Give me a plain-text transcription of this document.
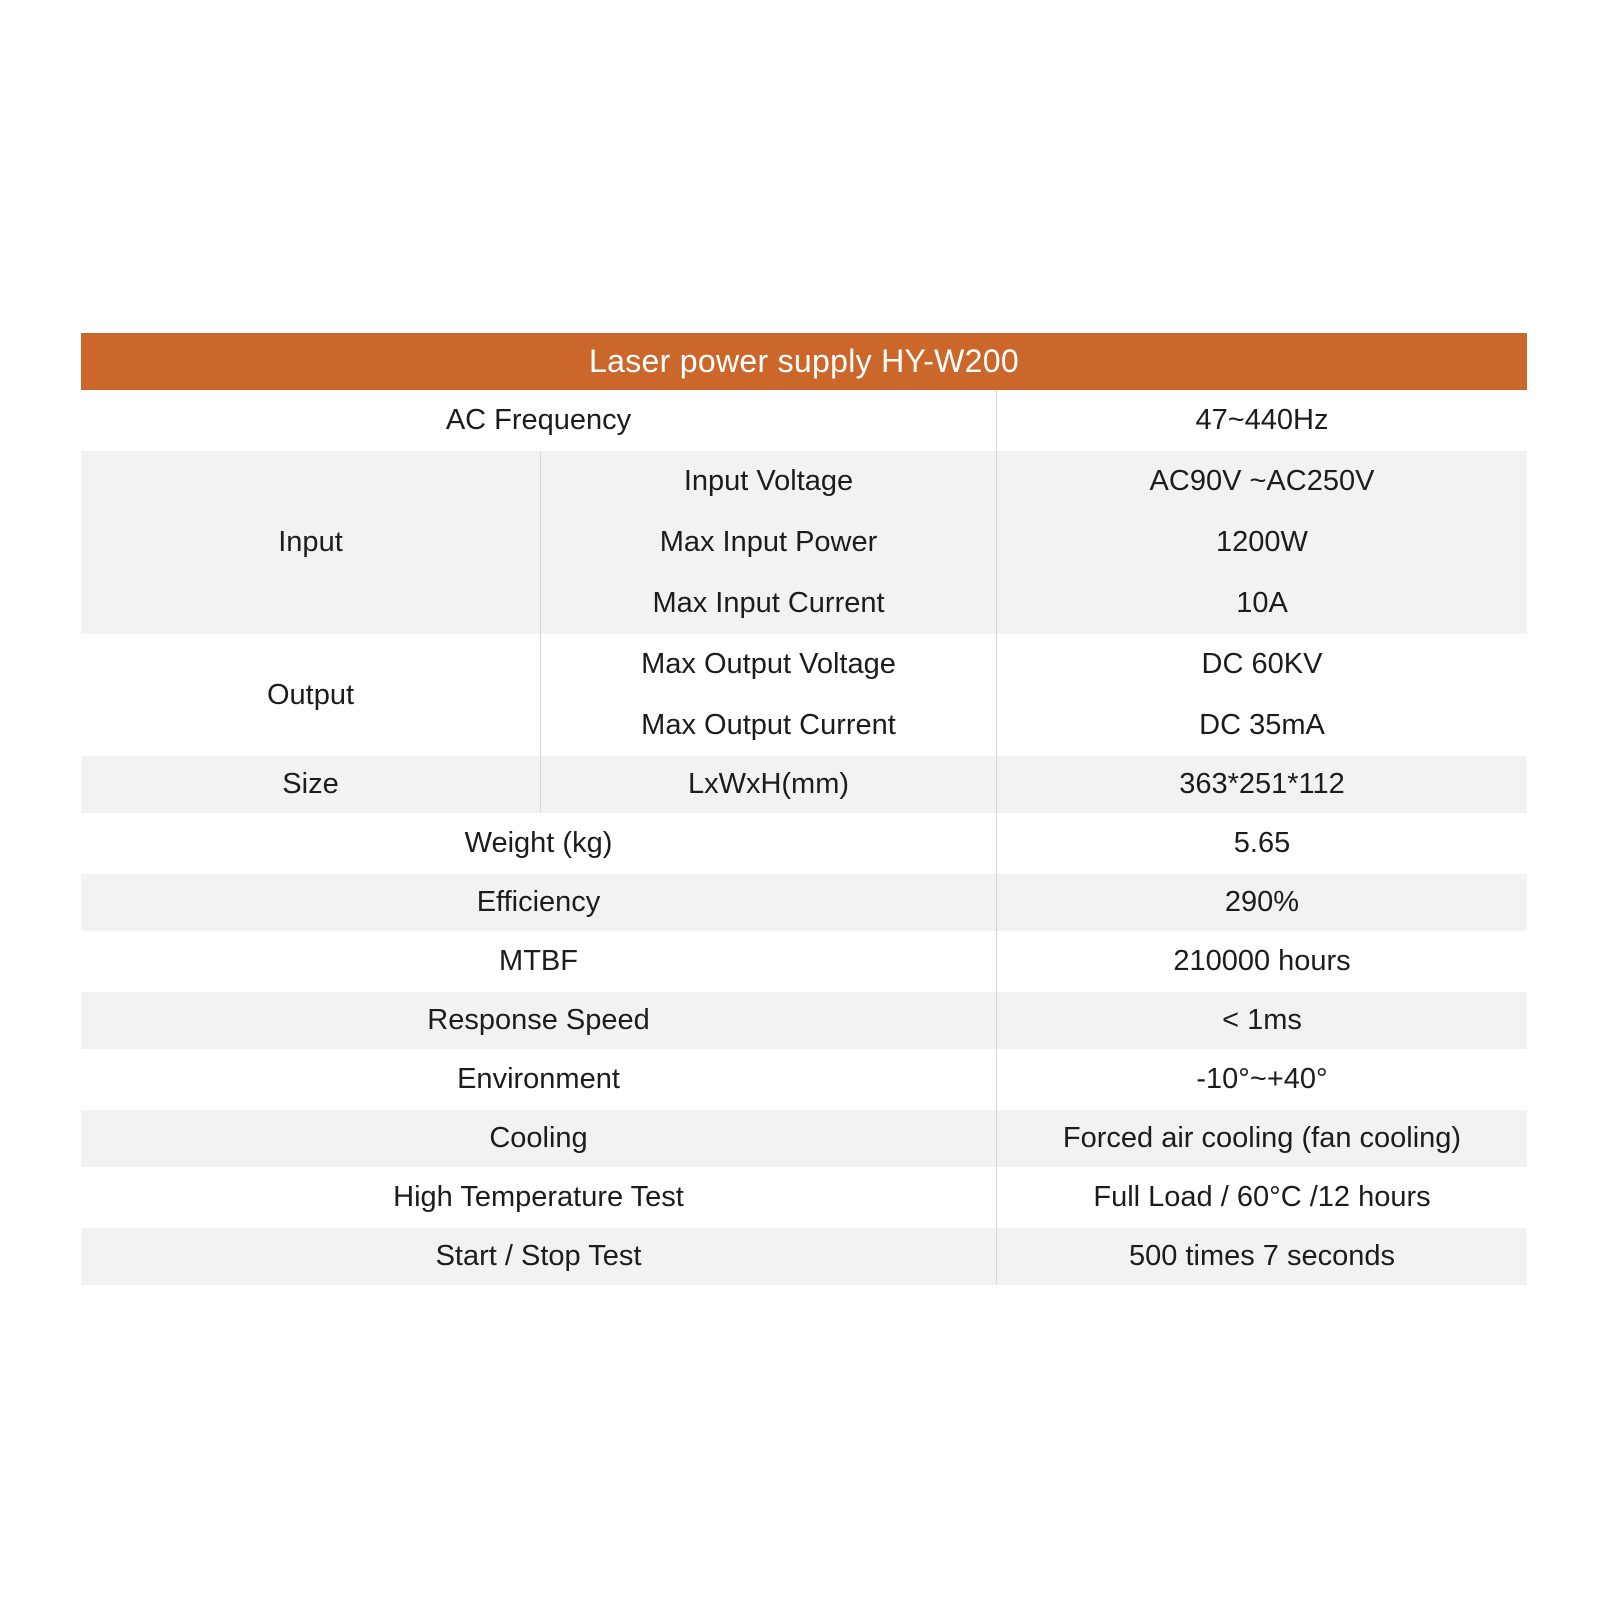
Laser power supply HY-W200
AC Frequency	47~440Hz
Input
Input Voltage	AC90V ~AC250V
Max Input Power	1200W
Max Input Current	10A
Output
Max Output Voltage	DC 60KV
Max Output Current	DC 35mA
Size	LxWxH(mm)	363*251*112
Weight (kg)	5.65
Efficiency	290%
MTBF	210000 hours
Response Speed	< 1ms
Environment	-10°~+40°
Cooling	Forced air cooling (fan cooling)
High Temperature Test	Full Load / 60°C /12 hours
Start / Stop Test	500 times 7 seconds
